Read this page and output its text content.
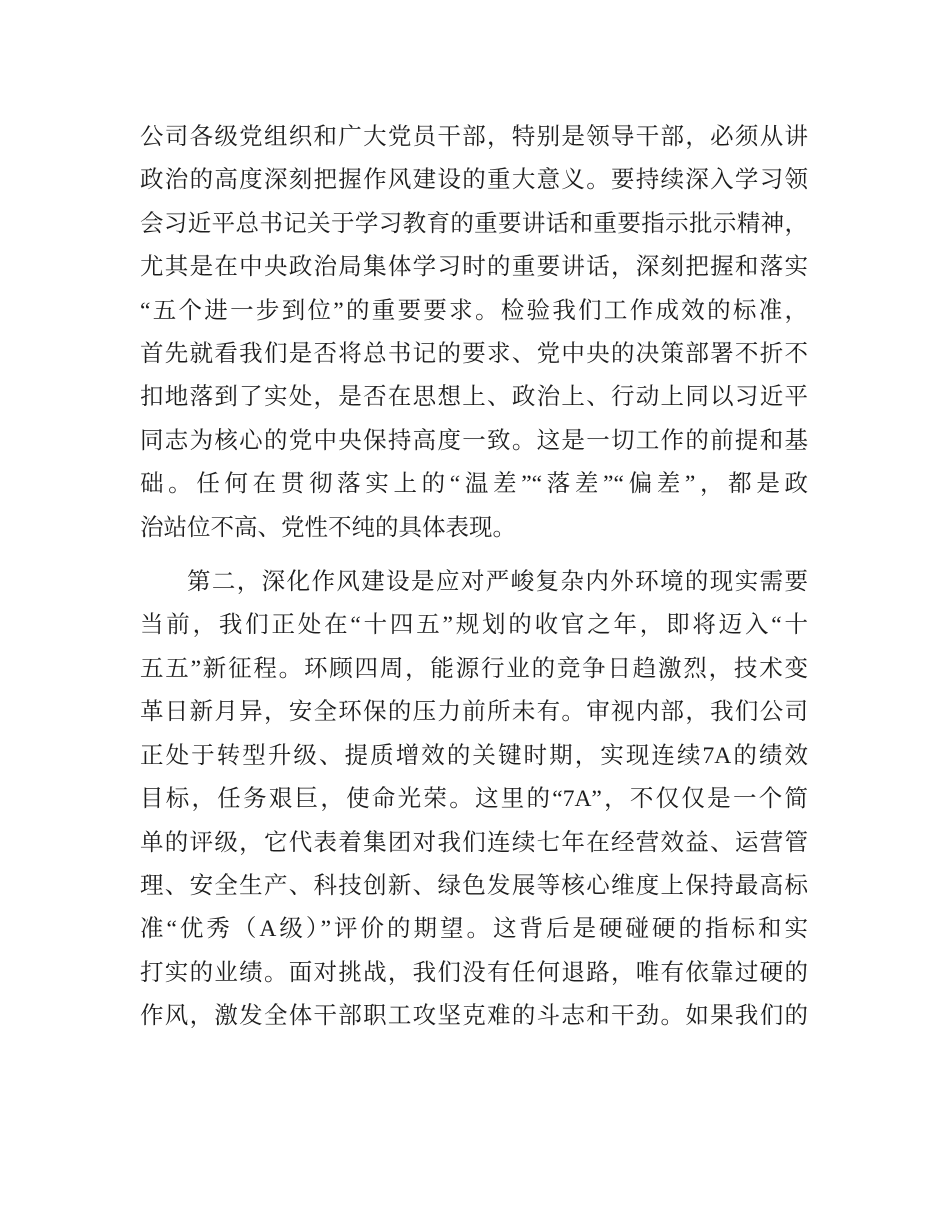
公司各级党组织和广大党员干部，特别是领导干部，必须从讲
政治的高度深刻把握作风建设的重大意义。要持续深入学习领
会习近平总书记关于学习教育的重要讲话和重要指示批示精神，
尤其是在中央政治局集体学习时的重要讲话，深刻把握和落实
“五个进一步到位”的重要要求。检验我们工作成效的标准，
首先就看我们是否将总书记的要求、党中央的决策部署不折不
扣地落到了实处，是否在思想上、政治上、行动上同以习近平
同志为核心的党中央保持高度一致。这是一切工作的前提和基
础。任何在贯彻落实上的“温差”“落差”“偏差”，都是政
治站位不高、党性不纯的具体表现。
第二，深化作风建设是应对严峻复杂内外环境的现实需要
当前，我们正处在“十四五”规划的收官之年，即将迈入“十
五五”新征程。环顾四周，能源行业的竞争日趋激烈，技术变
革日新月异，安全环保的压力前所未有。审视内部，我们公司
正处于转型升级、提质增效的关键时期，实现连续7A的绩效
目标，任务艰巨，使命光荣。这里的“7A”，不仅仅是一个简
单的评级，它代表着集团对我们连续七年在经营效益、运营管
理、安全生产、科技创新、绿色发展等核心维度上保持最高标
准“优秀（A级）”评价的期望。这背后是硬碰硬的指标和实
打实的业绩。面对挑战，我们没有任何退路，唯有依靠过硬的
作风，激发全体干部职工攻坚克难的斗志和干劲。如果我们的
